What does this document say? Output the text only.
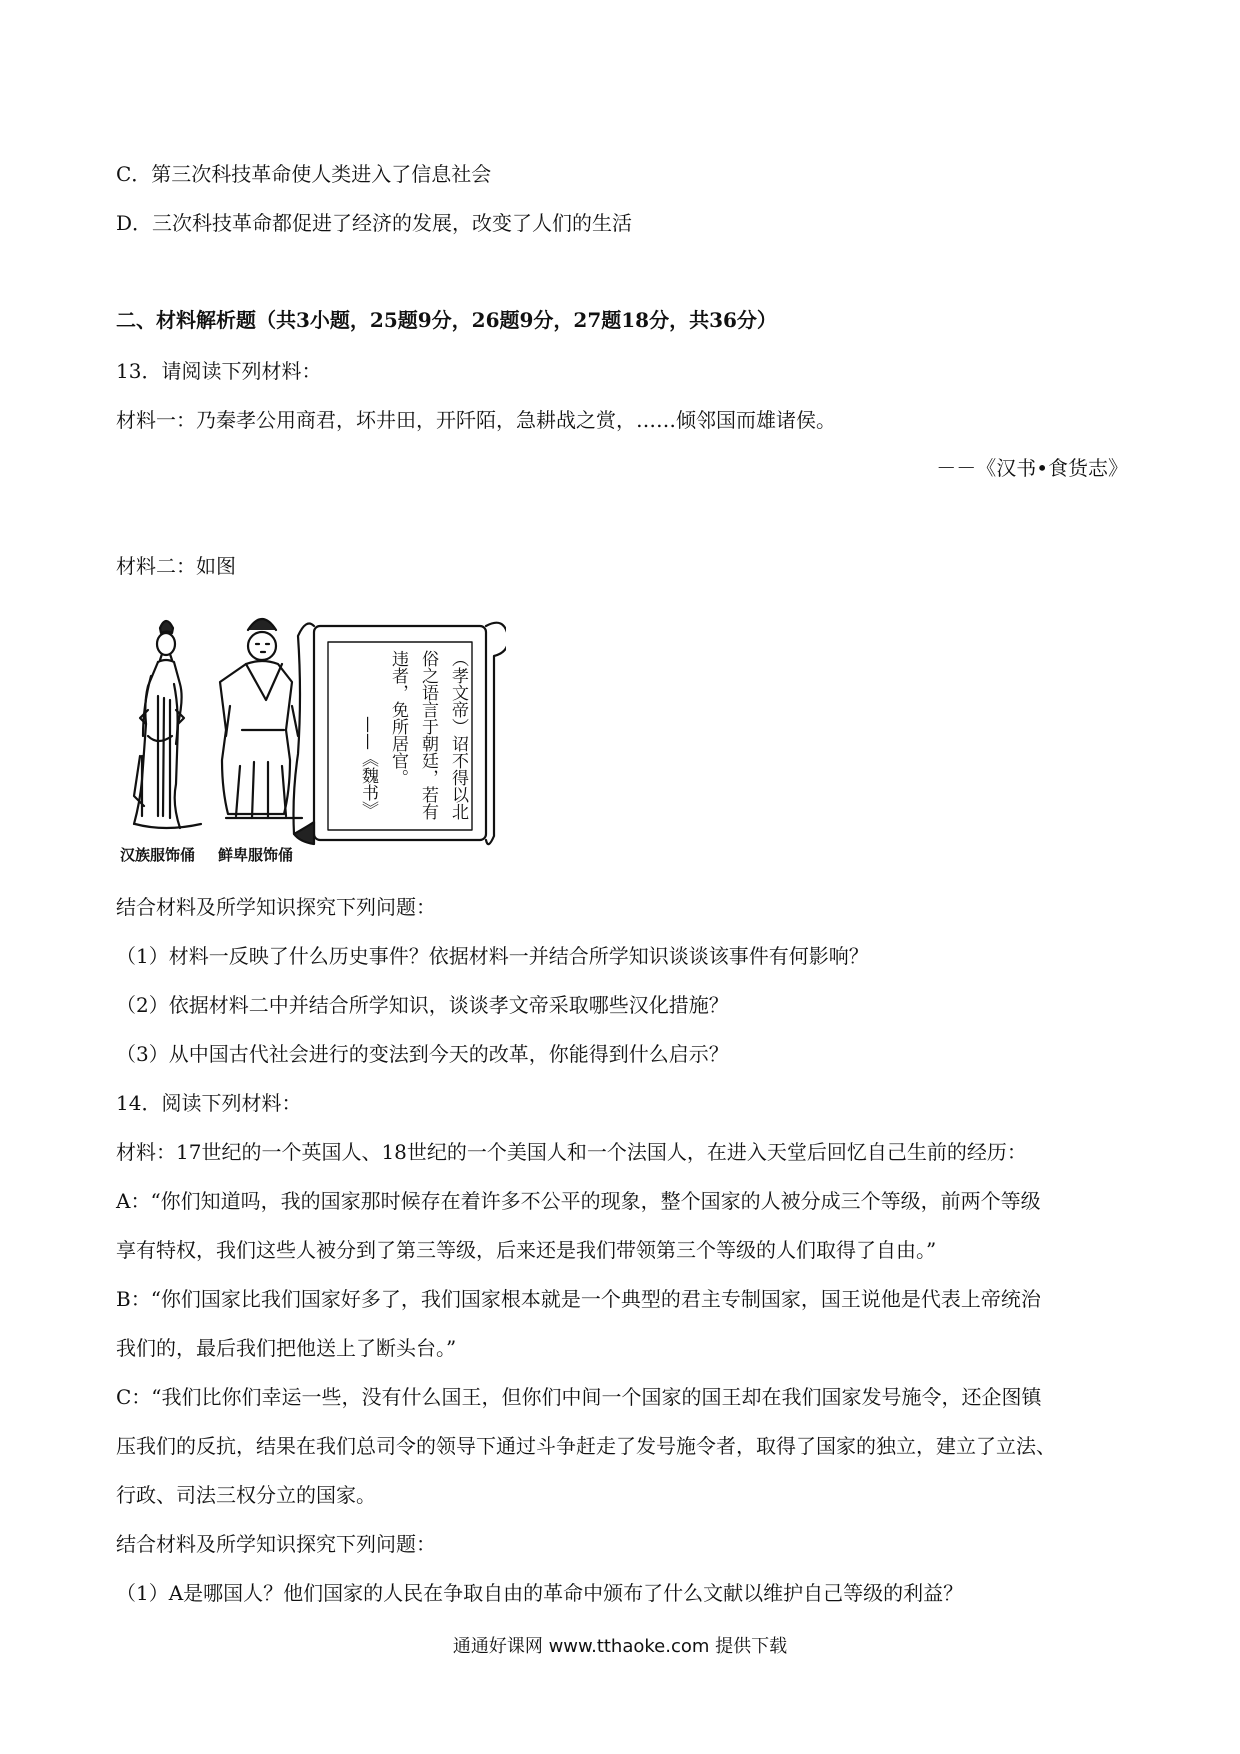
C．第三次科技革命使人类进入了信息社会
D．三次科技革命都促进了经济的发展，改变了人们的生活
二、材料解析题（共3小题，25题9分，26题9分，27题18分，共36分）
13．请阅读下列材料：
材料一：乃秦孝公用商君，坏井田，开阡陌，急耕战之赏，……倾邻国而雄诸侯。
－－《汉书•食货志》
材料二：如图
（孝文帝）诏不得以北
俗之语言于朝廷，若有
违者，免所居官。
——《魏书》
汉族服饰俑 鲜卑服饰俑
结合材料及所学知识探究下列问题：
（1）材料一反映了什么历史事件？依据材料一并结合所学知识谈谈该事件有何影响？
（2）依据材料二中并结合所学知识，谈谈孝文帝采取哪些汉化措施？
（3）从中国古代社会进行的变法到今天的改革，你能得到什么启示？
14．阅读下列材料：
材料：17世纪的一个英国人、18世纪的一个美国人和一个法国人，在进入天堂后回忆自己生前的经历：
A：“你们知道吗，我的国家那时候存在着许多不公平的现象，整个国家的人被分成三个等级，前两个等级
享有特权，我们这些人被分到了第三等级，后来还是我们带领第三个等级的人们取得了自由。”
B：“你们国家比我们国家好多了，我们国家根本就是一个典型的君主专制国家，国王说他是代表上帝统治
我们的，最后我们把他送上了断头台。”
C：“我们比你们幸运一些，没有什么国王，但你们中间一个国家的国王却在我们国家发号施令，还企图镇
压我们的反抗，结果在我们总司令的领导下通过斗争赶走了发号施令者，取得了国家的独立，建立了立法、
行政、司法三权分立的国家。
结合材料及所学知识探究下列问题：
（1）A是哪国人？他们国家的人民在争取自由的革命中颁布了什么文献以维护自己等级的利益？
通通好课网 www.tthaoke.com 提供下载
